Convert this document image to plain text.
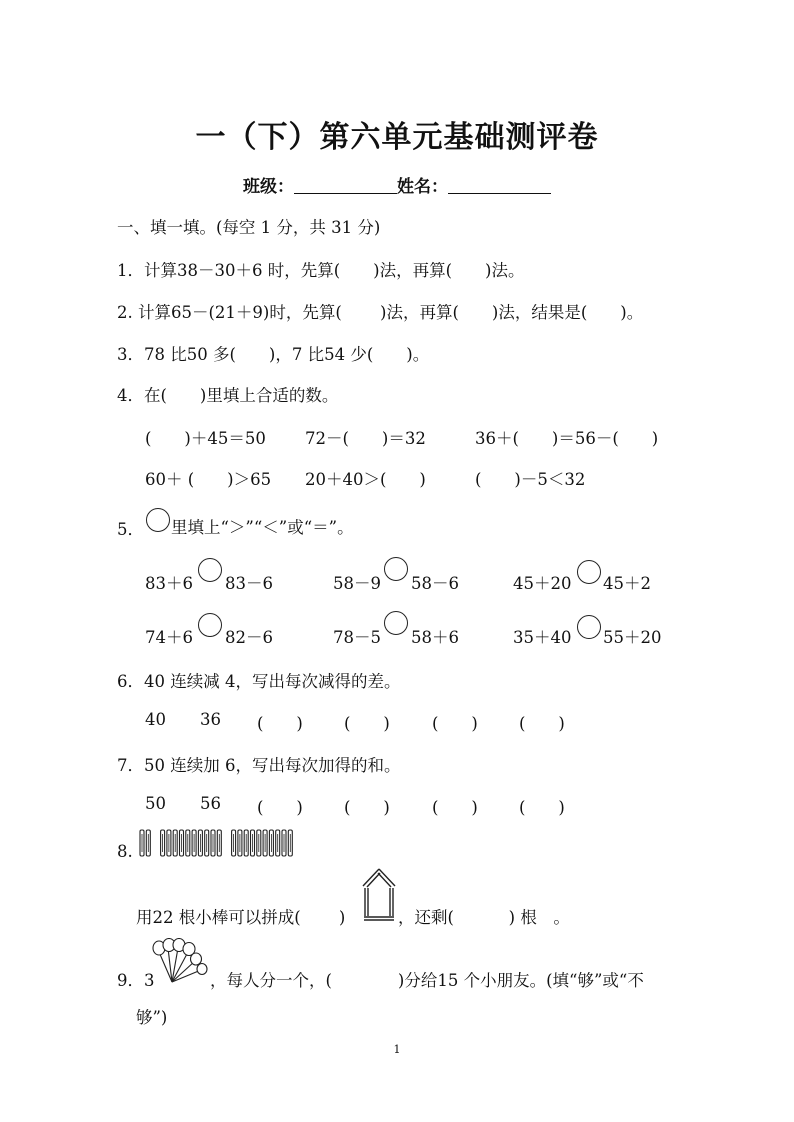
一（下）第六单元基础测评卷
班级：	姓名：
一、填一填。(每空 1 分，共 31 分)
1．计算38－30＋6 时，先算(　　)法，再算(　　)法。
2. 计算65－(21＋9)时，先算(　　 )法，再算(　　)法，结果是(　　)。
3．78 比50 多(　　)，7 比54 少(　　)。
4．在(　　)里填上合适的数。
(　　)＋45＝50 72－(　　)＝32	36＋(　　)＝56－(　　)
60＋ (　　)＞65 20＋40＞(　　)	(　　)－5＜32
5． 里填上“＞”“＜”或“＝”。
83＋6 83－6	58－9 58－6	45＋20 45＋2
74＋6 82－6	78－5 58＋6	35＋40 55＋20
6．40 连续减 4，写出每次减得的差。
40 36 (　　) (　　)	(　　) (　　)
7．50 连续加 6，写出每次加得的和。
50 56 (　　) (　　)	(　　) (　　)
8.
用22 根小棒可以拼成(　　 )	，还剩(　　　 ) 根　。
9．3	，每人分一个，(　　　　)分给15 个小朋友。(填“够”或“不
够”)
1
